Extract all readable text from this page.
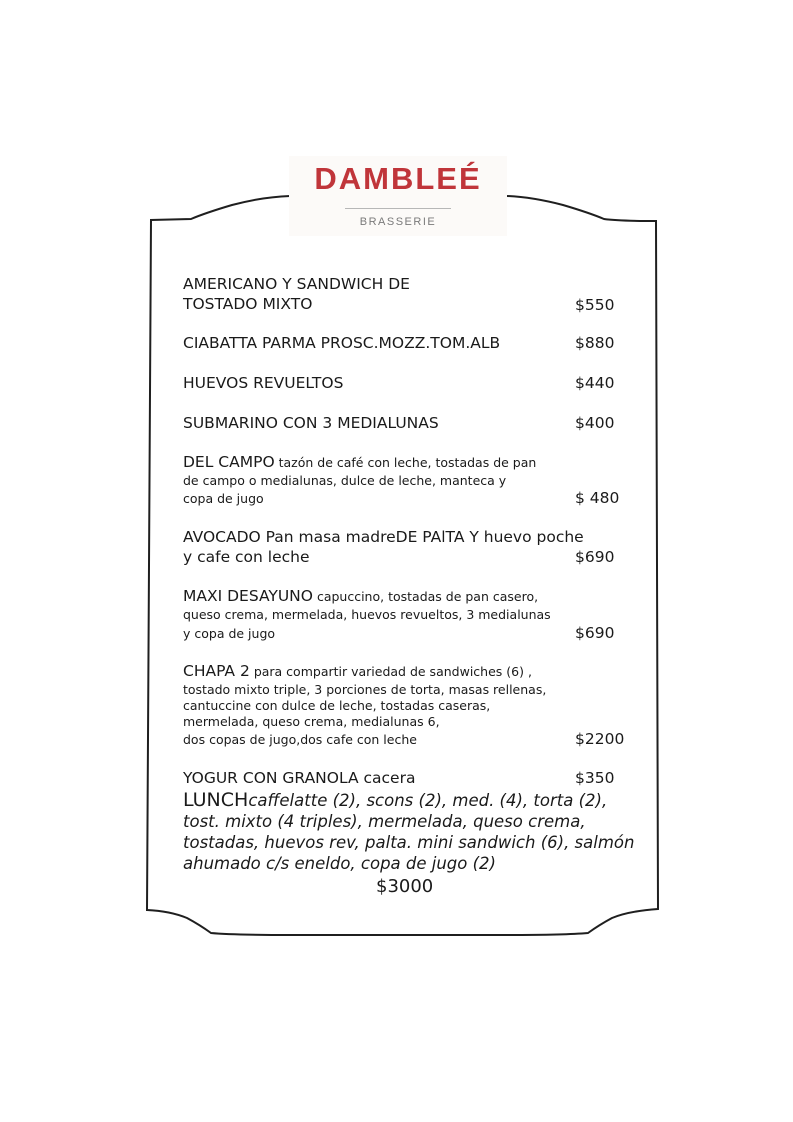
DAMBLEÉ
BRASSERIE
AMERICANO Y SANDWICH DE
TOSTADO MIXTO	$550
CIABATTA PARMA PROSC.MOZZ.TOM.ALB	$880
HUEVOS REVUELTOS	$440
SUBMARINO CON 3 MEDIALUNAS	$400
DEL CAMPO tazón de café con leche, tostadas de pan
de campo o medialunas, dulce de leche, manteca y
copa de jugo	$ 480
AVOCADO Pan masa madreDE PAlTA Y huevo poche
y cafe con leche	$690
MAXI DESAYUNO capuccino, tostadas de pan casero,
queso crema, mermelada, huevos revueltos, 3 medialunas
y copa de jugo	$690
CHAPA 2 para compartir variedad de sandwiches (6) ,
tostado mixto triple, 3 porciones de torta, masas rellenas,
cantuccine con dulce de leche, tostadas caseras,
mermelada, queso crema, medialunas 6,
dos copas de jugo,dos cafe con leche	$2200
YOGUR CON GRANOLA cacera	$350
LUNCHcaffelatte (2), scons (2), med. (4), torta (2),
tost. mixto (4 triples), mermelada, queso crema,
tostadas, huevos rev, palta. mini sandwich (6), salmón
ahumado c/s eneldo, copa de jugo (2)
$3000
